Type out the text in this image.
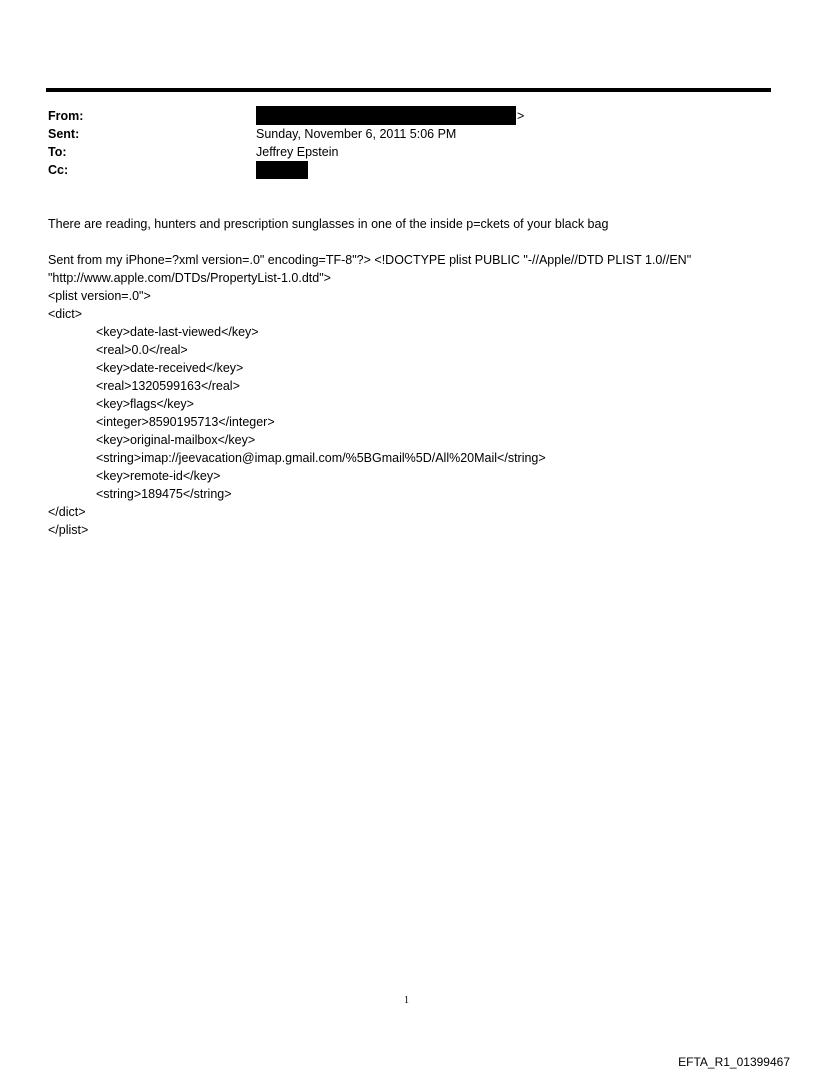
From:	>
Sent:	Sunday, November 6, 2011 5:06 PM
To:	Jeffrey Epstein
Cc:
There are reading, hunters and prescription sunglasses in one of the inside p=ckets of your black bag
Sent from my iPhone=?xml version=.0" encoding=TF-8"?> <!DOCTYPE plist PUBLIC "-//Apple//DTD PLIST 1.0//EN"
"http://www.apple.com/DTDs/PropertyList-1.0.dtd">
<plist version=.0">
<dict>
<key>date-last-viewed</key>
<real>0.0</real>
<key>date-received</key>
<real>1320599163</real>
<key>flags</key>
<integer>8590195713</integer>
<key>original-mailbox</key>
<string>imap://jeevacation@imap.gmail.com/%5BGmail%5D/All%20Mail</string>
<key>remote-id</key>
<string>189475</string>
</dict>
</plist>
1
EFTA_R1_01399467
